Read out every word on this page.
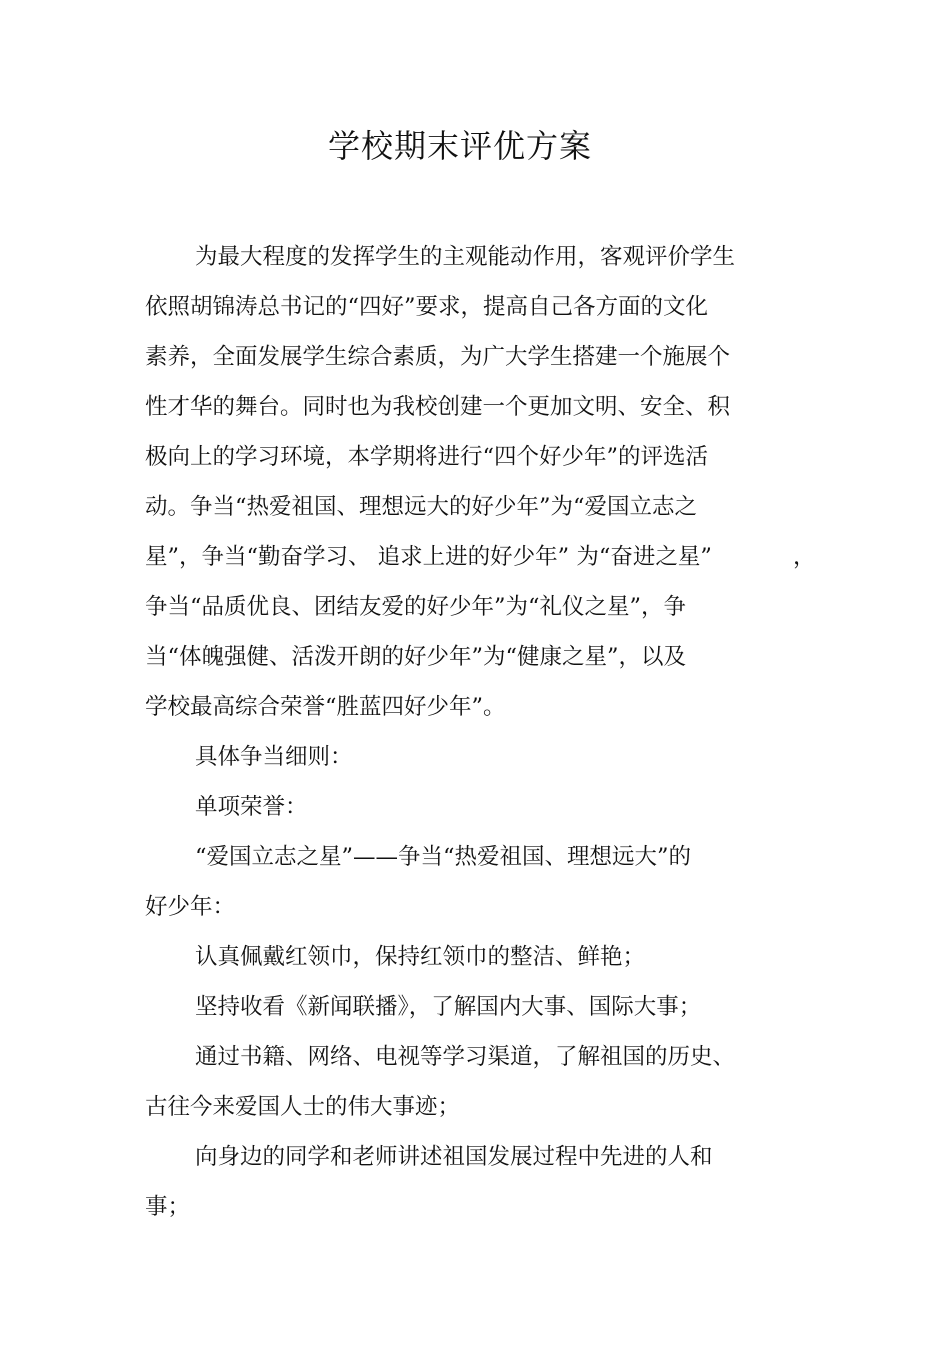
学校期末评优方案
为最大程度的发挥学生的主观能动作用，客观评价学生
依照胡锦涛总书记的“四好”要求，提高自己各方面的文化
素养，全面发展学生综合素质，为广大学生搭建一个施展个
性才华的舞台。同时也为我校创建一个更加文明、安全、积
极向上的学习环境，本学期将进行“四个好少年”的评选活
动。争当“热爱祖国、理想远大的好少年”为“爱国立志之
星”，争当“勤奋学习、 追求上进的好少年” 为“奋进之星”	，
争当“品质优良、团结友爱的好少年”为“礼仪之星”，争
当“体魄强健、活泼开朗的好少年”为“健康之星”，以及
学校最高综合荣誉“胜蓝四好少年”。
具体争当细则：
单项荣誉：
“爱国立志之星”——争当“热爱祖国、理想远大”的
好少年：
认真佩戴红领巾，保持红领巾的整洁、鲜艳；
坚持收看《新闻联播》，了解国内大事、国际大事；
通过书籍、网络、电视等学习渠道，了解祖国的历史、
古往今来爱国人士的伟大事迹；
向身边的同学和老师讲述祖国发展过程中先进的人和
事；
